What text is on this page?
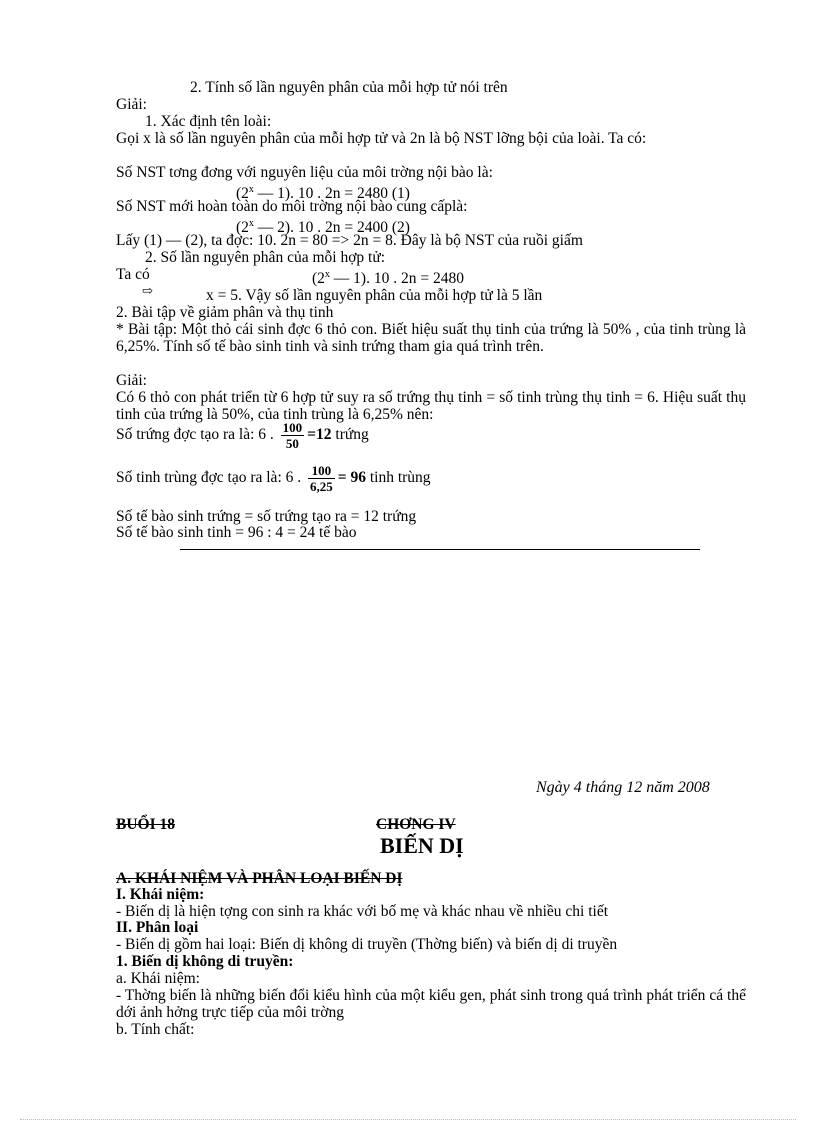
2. Tính số lần nguyên phân của mỗi hợp tử nói trên
Giải:
1. Xác định tên loài:
Gọi x là số lần nguyên phân của mỗi hợp tử và 2n là bộ NST lỡng bội của loài. Ta có:
Số NST tơng đơng với nguyên liệu của môi trờng nội bào là:
(2$^x$ — 1). 10 . 2n = 2480 (1)
Số NST mới hoàn toàn do môi trờng nội bào cung cấplà:
(2$^x$ — 2). 10 . 2n = 2400 (2)
Lấy (1) — (2), ta đợc: 10. 2n = 80 => 2n = 8. Đây là bộ NST của ruồi giấm
2. Số lần nguyên phân của mỗi hợp tử:
Ta có	(2$^x$ — 1). 10 . 2n = 2480
⇨	x = 5. Vậy số lần nguyên phân của mỗi hợp tử là 5 lần
2. Bài tập về giảm phân và thụ tinh
* Bài tập: Một thỏ cái sinh đợc 6 thỏ con. Biết hiệu suất thụ tinh của trứng là 50% , của tinh trùng là 6,25%. Tính số tế bào sinh tinh và sinh trứng tham gia quá trình trên.
Giải:
Có 6 thỏ con phát triển từ 6 hợp tử suy ra số trứng thụ tinh = số tinh trùng thụ tinh = 6. Hiệu suất thụ tinh của trứng là 50%, của tinh trùng là 6,25% nên:
Số trứng đợc tạo ra là: 6 . $\frac{100}{50} =12$ trứng
Số tinh trùng đợc tạo ra là: 6 . $\frac{100}{6,25} = 96$ tinh trùng
Số tế bào sinh trứng = số trứng tạo ra = 12 trứng
Số tế bào sinh tinh = 96 : 4 = 24 tế bào
Ngày 4 tháng 12 năm 2008
BUỔI 18	CHƠNG IV
BIẾN DỊ
A. KHÁI NIỆM VÀ PHÂN LOẠI BIẾN DỊ
I. Khái niệm:
- Biến dị là hiện tợng con sinh ra khác với bố mẹ và khác nhau về nhiều chi tiết
II. Phân loại
- Biến dị gồm hai loại: Biến dị không di truyền (Thờng biến) và biến dị di truyền
1. Biến dị không di truyền:
a. Khái niệm:
- Thờng biến là những biến đổi kiểu hình của một kiểu gen, phát sinh trong quá trình phát triển cá thể dới ảnh hởng trực tiếp của môi trờng
b. Tính chất:
